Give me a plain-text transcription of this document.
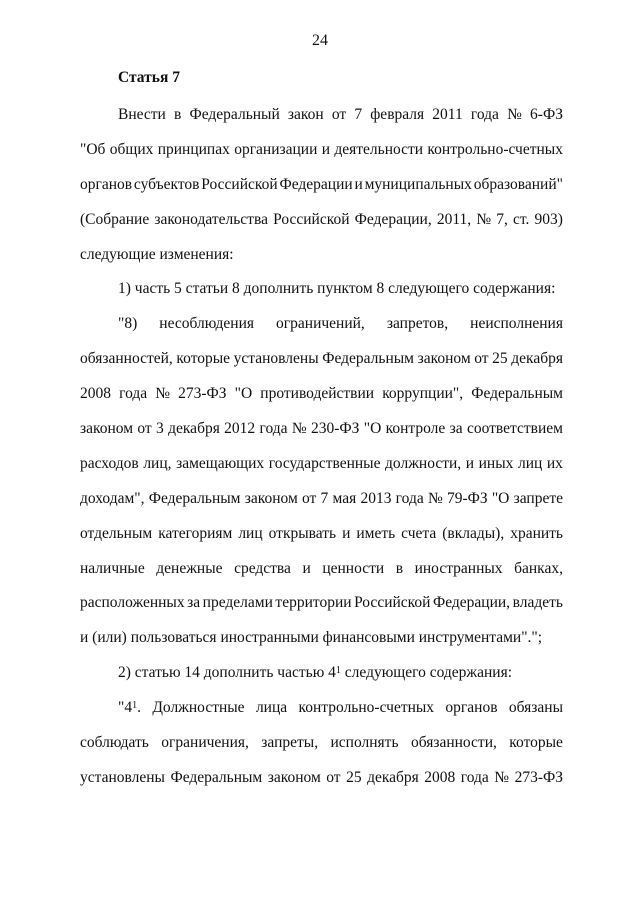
24
Статья 7
Внести в Федеральный закон от 7 февраля 2011 года № 6-ФЗ
"Об общих принципах организации и деятельности контрольно-счетных
органов субъектов Российской Федерации и муниципальных образований"
(Собрание законодательства Российской Федерации, 2011, № 7, ст. 903)
следующие изменения:
1) часть 5 статьи 8 дополнить пунктом 8 следующего содержания:
"8) несоблюдения ограничений, запретов, неисполнения
обязанностей, которые установлены Федеральным законом от 25 декабря
2008 года № 273-ФЗ "О противодействии коррупции", Федеральным
законом от 3 декабря 2012 года № 230-ФЗ "О контроле за соответствием
расходов лиц, замещающих государственные должности, и иных лиц их
доходам", Федеральным законом от 7 мая 2013 года № 79-ФЗ "О запрете
отдельным категориям лиц открывать и иметь счета (вклады), хранить
наличные денежные средства и ценности в иностранных банках,
расположенных за пределами территории Российской Федерации, владеть
и (или) пользоваться иностранными финансовыми инструментами".";
2) статью 14 дополнить частью $4^1$ следующего содержания:
"$4^1$. Должностные лица контрольно-счетных органов обязаны
соблюдать ограничения, запреты, исполнять обязанности, которые
установлены Федеральным законом от 25 декабря 2008 года № 273-ФЗ
